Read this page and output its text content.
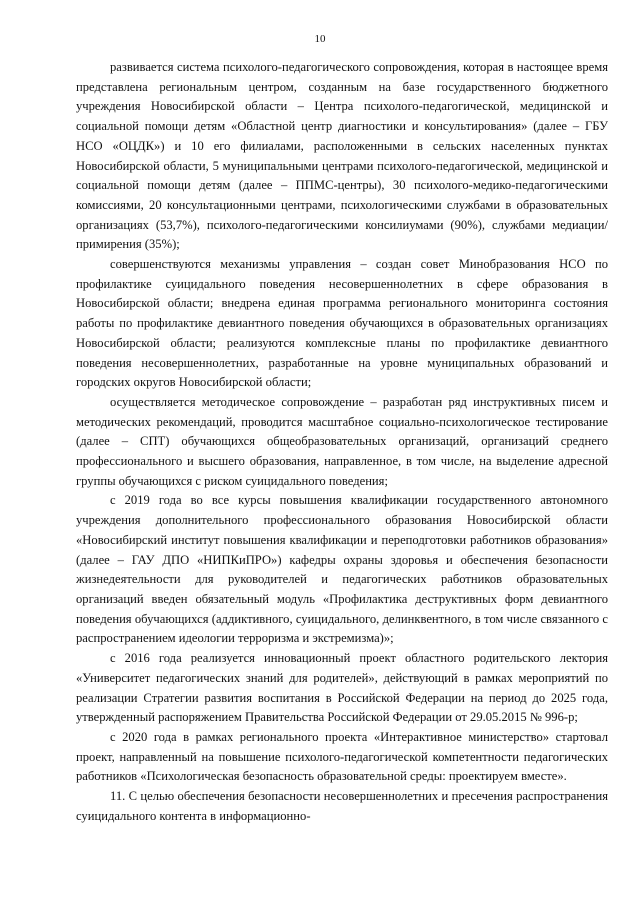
10

развивается система психолого-педагогического сопровождения, которая в настоящее время представлена региональным центром, созданным на базе государственного бюджетного учреждения Новосибирской области – Центра психолого-педагогической, медицинской и социальной помощи детям «Областной центр диагностики и консультирования» (далее – ГБУ НСО «ОЦДК») и 10 его филиалами, расположенными в сельских населенных пунктах Новосибирской области, 5 муниципальными центрами психолого-педагогической, медицинской и социальной помощи детям (далее – ППМС-центры), 30 психолого-медико-педагогическими комиссиями, 20 консультационными центрами, психологическими службами в образовательных организациях (53,7%), психолого-педагогическими консилиумами (90%), службами медиации/примирения (35%);

совершенствуются механизмы управления – создан совет Минобразования НСО по профилактике суицидального поведения несовершеннолетних в сфере образования в Новосибирской области; внедрена единая программа регионального мониторинга состояния работы по профилактике девиантного поведения обучающихся в образовательных организациях Новосибирской области; реализуются комплексные планы по профилактике девиантного поведения несовершеннолетних, разработанные на уровне муниципальных образований и городских округов Новосибирской области;

осуществляется методическое сопровождение – разработан ряд инструктивных писем и методических рекомендаций, проводится масштабное социально-психологическое тестирование (далее – СПТ) обучающихся общеобразовательных организаций, организаций среднего профессионального и высшего образования, направленное, в том числе, на выделение адресной группы обучающихся с риском суицидального поведения;

с 2019 года во все курсы повышения квалификации государственного автономного учреждения дополнительного профессионального образования Новосибирской области «Новосибирский институт повышения квалификации и переподготовки работников образования» (далее – ГАУ ДПО «НИПКиПРО») кафедры охраны здоровья и обеспечения безопасности жизнедеятельности для руководителей и педагогических работников образовательных организаций введен обязательный модуль «Профилактика деструктивных форм девиантного поведения обучающихся (аддиктивного, суицидального, делинквентного, в том числе связанного с распространением идеологии терроризма и экстремизма)»;

с 2016 года реализуется инновационный проект областного родительского лектория «Университет педагогических знаний для родителей», действующий в рамках мероприятий по реализации Стратегии развития воспитания в Российской Федерации на период до 2025 года, утвержденный распоряжением Правительства Российской Федерации от 29.05.2015 № 996-р;

с 2020 года в рамках регионального проекта «Интерактивное министерство» стартовал проект, направленный на повышение психолого-педагогической компетентности педагогических работников «Психологическая безопасность образовательной среды: проектируем вместе».

11. С целью обеспечения безопасности несовершеннолетних и пресечения распространения суицидального контента в информационно-
